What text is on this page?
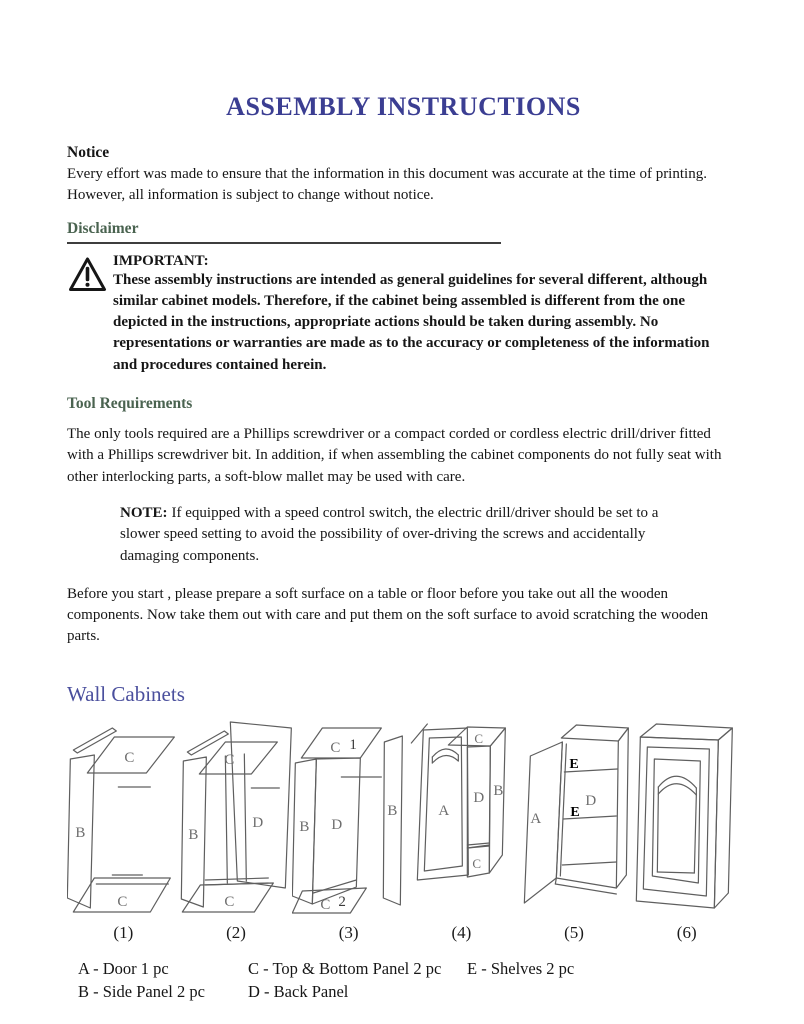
ASSEMBLY INSTRUCTIONS
Notice

Every effort was made to ensure that the information in this document was accurate at the time of printing. However, all information is subject to change without notice.

Disclaimer
IMPORTANT:

These assembly instructions are intended as general guidelines for several different, although similar cabinet models. Therefore, if the cabinet being assembled is different from the one depicted in the instructions, appropriate actions should be taken during assembly. No representations or warranties are made as to the accuracy or completeness of the information and procedures contained herein.

Tool Requirements

The only tools required are a Phillips screwdriver or a compact corded or cordless electric drill/driver fitted with a Phillips screwdriver bit. In addition, if when assembling the cabinet components do not fully seat with other interlocking parts, a soft-blow mallet may be used with care.

NOTE: If equipped with a speed control switch, the electric drill/driver should be set to a slower speed setting to avoid the possibility of over-driving the screws and accidentally damaging components.

Before you start , please prepare a soft surface on a table or floor before you take out all the wooden components. Now take them out with care and put them on the soft surface to avoid scratching the wooden parts.

Wall Cabinets
C
B
C
(1)
C
B
D
C
(2)
C 1
B D
B
C 2
(3)
C
A
D B
C
(4)
A
E
D
E
(5)	(6)
A - Door 1 pc	C - Top & Bottom Panel 2 pc	E - Shelves 2 pc
B - Side Panel 2 pc	D - Back Panel
